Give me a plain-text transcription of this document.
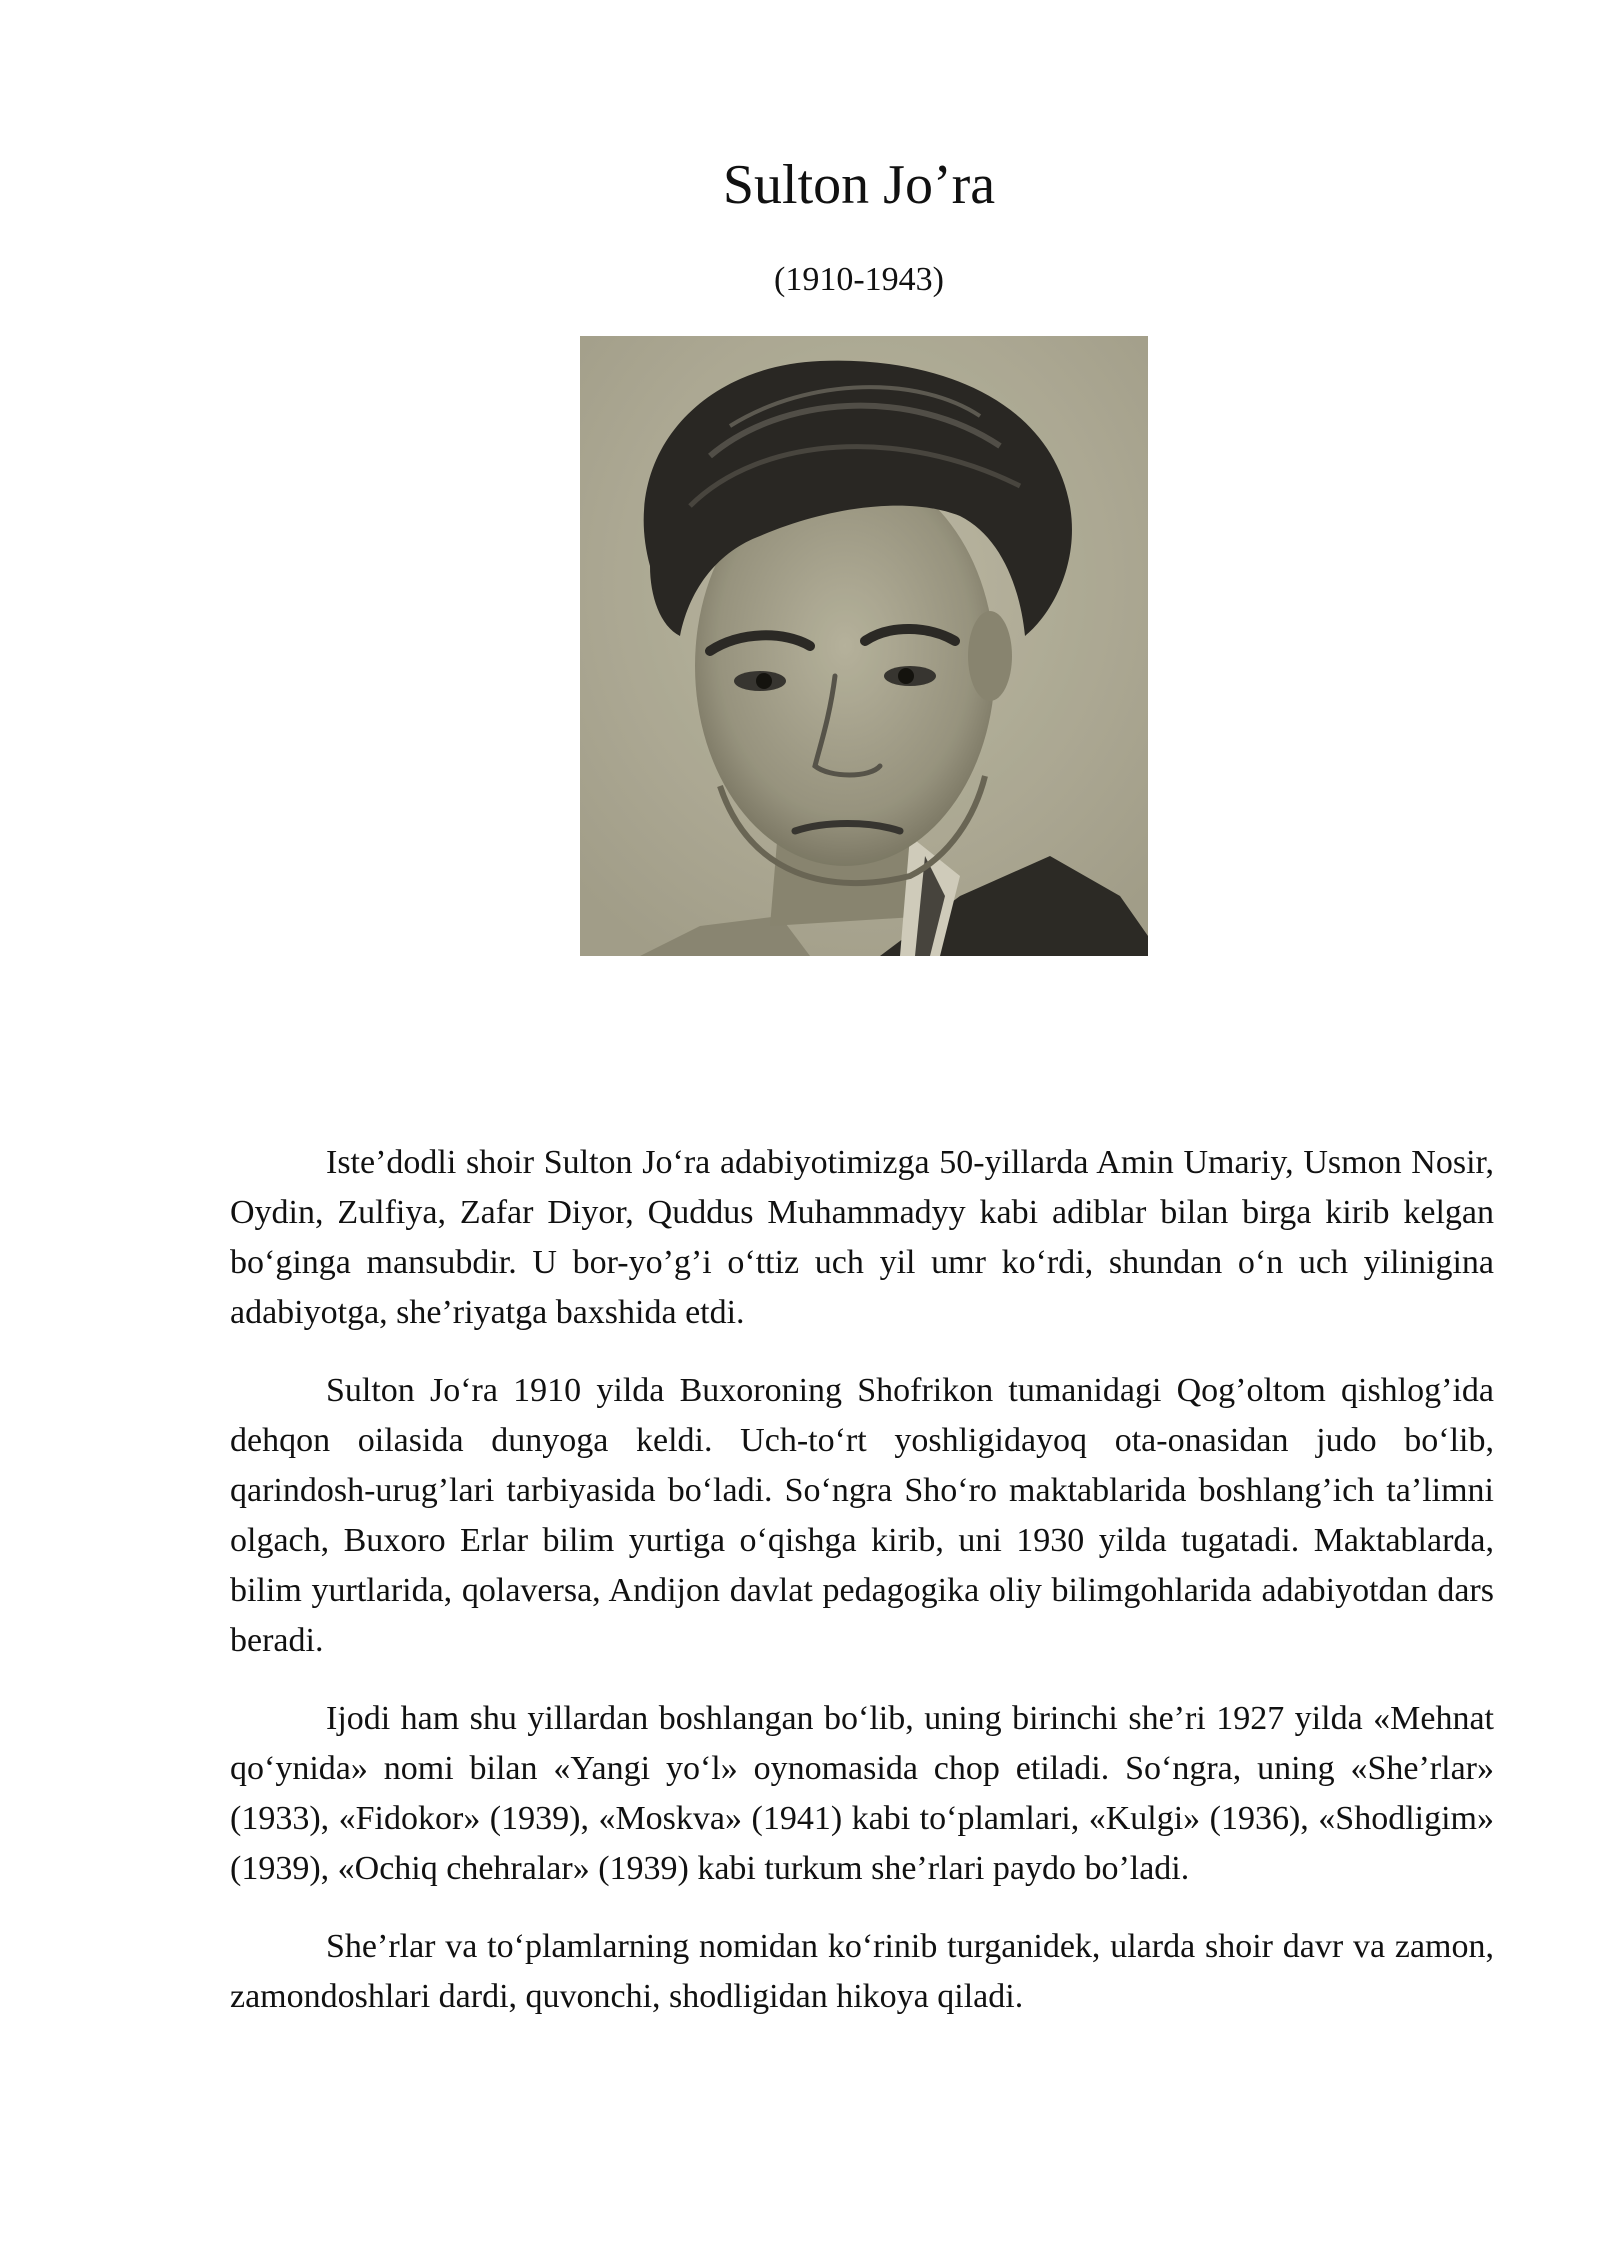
Sulton Jo’ra
(1910-1943)

Iste’dodli shoir Sulton Jo‘ra adabiyotimizga 50-yillarda Amin Umariy, Usmon Nosir, Oydin, Zulfiya, Zafar Diyor, Quddus Muhammadyy kabi adiblar bilan birga kirib kelgan bo‘ginga mansubdir. U bor-yo’g’i o‘ttiz uch yil umr ko‘rdi, shundan o‘n uch yilinigina adabiyotga, she’riyatga baxshida etdi.

Sulton Jo‘ra 1910 yilda Buxoroning Shofrikon tumanidagi Qog’oltom qishlog’ida dehqon oilasida dunyoga keldi. Uch-to‘rt yoshligidayoq ota-onasidan judo bo‘lib, qarindosh-urug’lari tarbiyasida bo‘ladi. So‘ngra Sho‘ro maktablarida boshlang’ich ta’limni olgach, Buxoro Erlar bilim yurtiga o‘qishga kirib, uni 1930 yilda tugatadi. Maktablarda, bilim yurtlarida, qolaversa, Andijon davlat pedagogika oliy bilimgohlarida adabiyotdan dars beradi.

Ijodi ham shu yillardan boshlangan bo‘lib, uning birinchi she’ri 1927 yilda «Mehnat qo‘ynida» nomi bilan «Yangi yo‘l» oynomasida chop etiladi. So‘ngra, uning «She’rlar» (1933), «Fidokor» (1939), «Moskva» (1941) kabi to‘plamlari, «Kulgi» (1936), «Shodligim» (1939), «Ochiq chehralar» (1939) kabi turkum she’rlari paydo bo’ladi.

She’rlar va to‘plamlarning nomidan ko‘rinib turganidek, ularda shoir davr va zamon, zamondoshlari dardi, quvonchi, shodligidan hikoya qiladi.
